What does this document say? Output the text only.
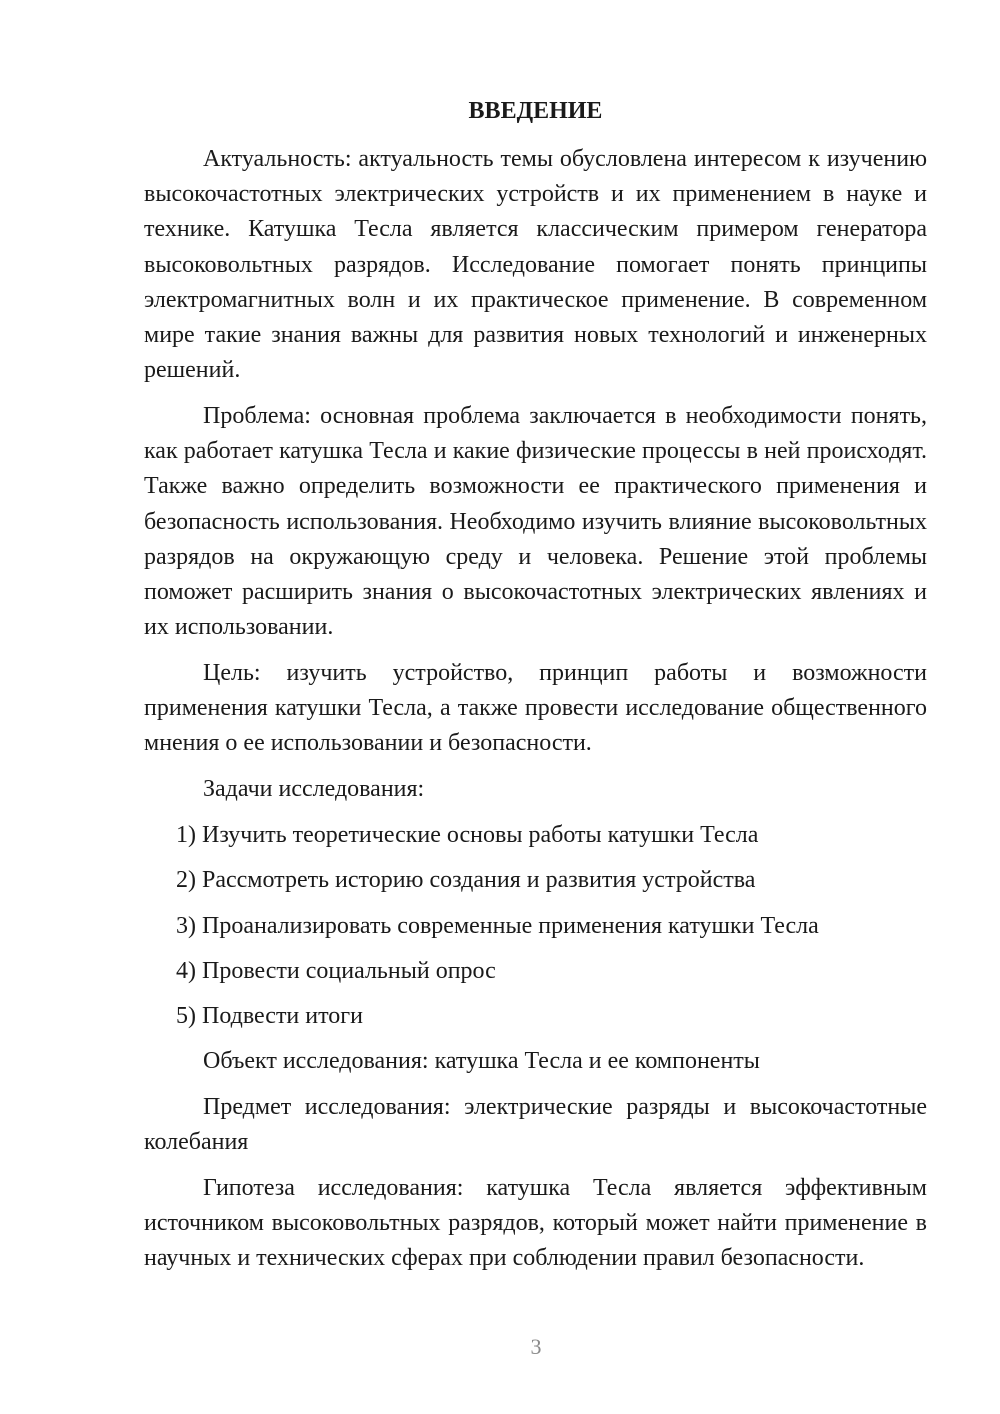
ВВЕДЕНИЕ

Актуальность: актуальность темы обусловлена интересом к изучению высокочастотных электрических устройств и их применением в науке и технике. Катушка Тесла является классическим примером генератора высоковольтных разрядов. Исследование помогает понять принципы электромагнитных волн и их практическое применение. В современном мире такие знания важны для развития новых технологий и инженерных решений.

Проблема: основная проблема заключается в необходимости понять, как работает катушка Тесла и какие физические процессы в ней происходят. Также важно определить возможности ее практического применения и безопасность использования. Необходимо изучить влияние высоковольтных разрядов на окружающую среду и человека. Решение этой проблемы поможет расширить знания о высокочастотных электрических явлениях и их использовании.

Цель: изучить устройство, принцип работы и возможности применения катушки Тесла, а также провести исследование общественного мнения о ее использовании и безопасности.

Задачи исследования:

1) Изучить теоретические основы работы катушки Тесла

2) Рассмотреть историю создания и развития устройства

3) Проанализировать современные применения катушки Тесла

4) Провести социальный опрос

5) Подвести итоги

Объект исследования: катушка Тесла и ее компоненты

Предмет исследования: электрические разряды и высокочастотные колебания

Гипотеза исследования: катушка Тесла является эффективным источником высоковольтных разрядов, который может найти применение в научных и технических сферах при соблюдении правил безопасности.

3
